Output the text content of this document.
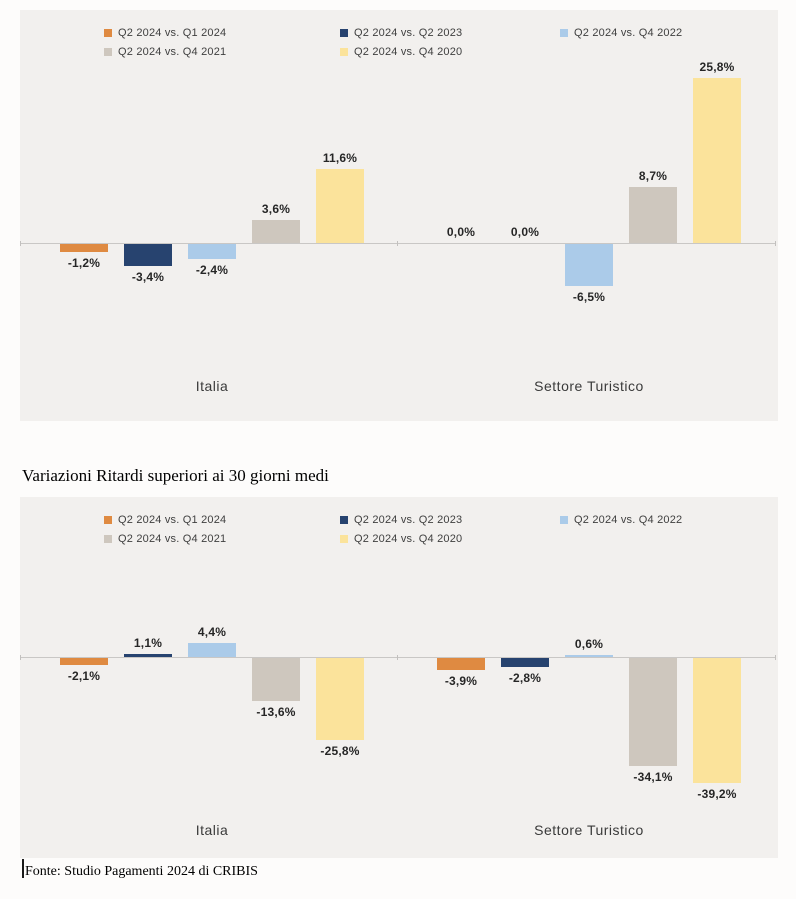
Q2 2024 vs. Q1 2024	Q2 2024 vs. Q2 2023	Q2 2024 vs. Q4 2022
Q2 2024 vs. Q4 2021	Q2 2024 vs. Q4 2020
-1,2%
-3,4%	-2,4%
3,6%
11,6%
Italia
0,0%	0,0%
-6,5%
8,7%
25,8%
Settore Turistico
Variazioni Ritardi superiori ai 30 giorni medi
Q2 2024 vs. Q1 2024	Q2 2024 vs. Q2 2023	Q2 2024 vs. Q4 2022
Q2 2024 vs. Q4 2021	Q2 2024 vs. Q4 2020
-2,1%
1,1%
4,4%
-13,6%
-25,8%
Italia
-3,9%	-2,8%
0,6%
-34,1%
-39,2%
Settore Turistico
Fonte: Studio Pagamenti 2024 di CRIBIS
